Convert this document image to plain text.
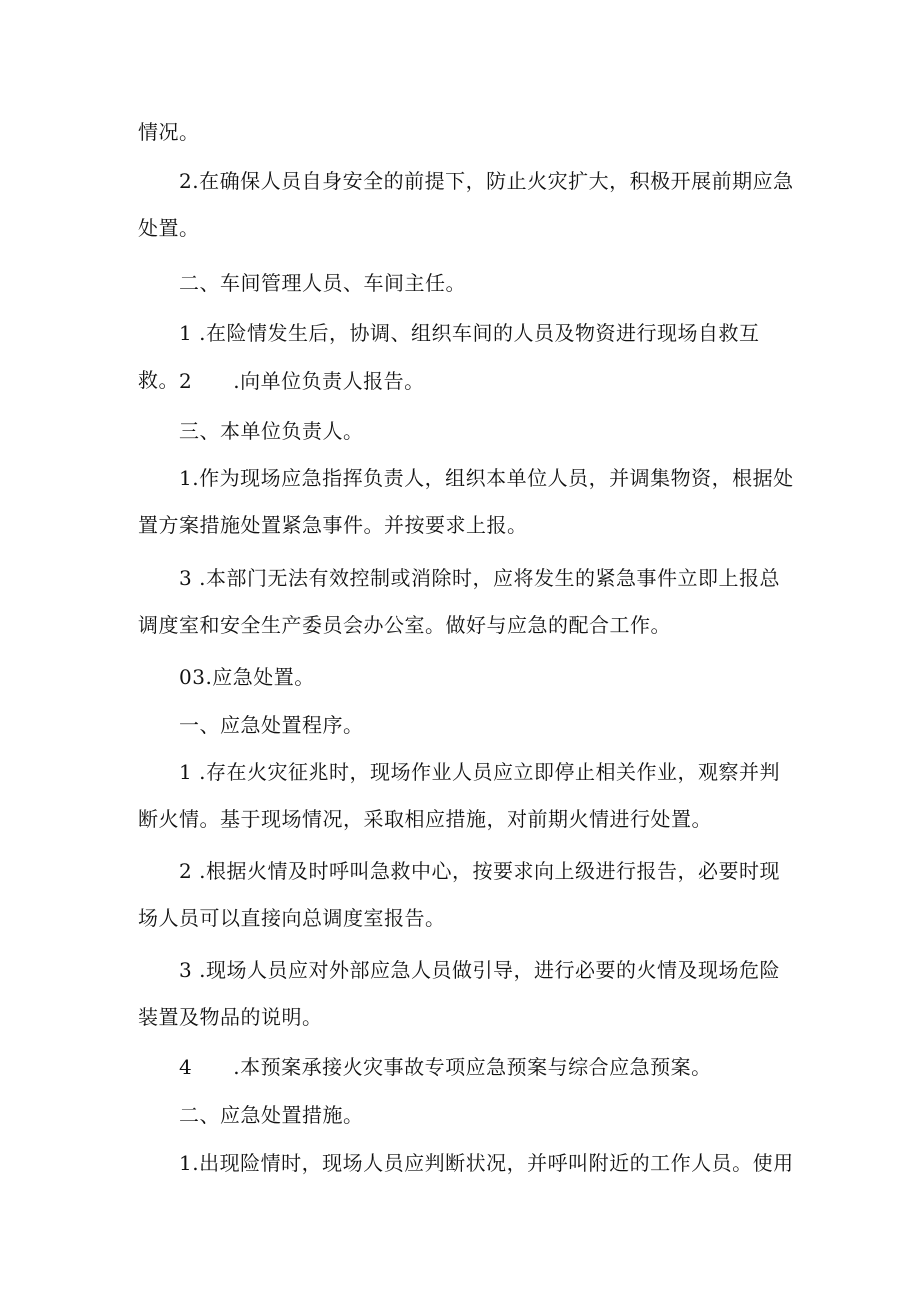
情况。

2.在确保人员自身安全的前提下，防止火灾扩大，积极开展前期应急处置。

二、车间管理人员、车间主任。

1 .在险情发生后，协调、组织车间的人员及物资进行现场自救互救。 2　　.向单位负责人报告。

三、本单位负责人。

1.作为现场应急指挥负责人，组织本单位人员，并调集物资，根据处置方案措施处置紧急事件。并按要求上报。

3 .本部门无法有效控制或消除时，应将发生的紧急事件立即上报总调度室和安全生产委员会办公室。做好与应急的配合工作。

03.应急处置。

一、应急处置程序。

1 .存在火灾征兆时，现场作业人员应立即停止相关作业，观察并判断火情。基于现场情况，采取相应措施，对前期火情进行处置。

2 .根据火情及时呼叫急救中心，按要求向上级进行报告，必要时现场人员可以直接向总调度室报告。

3 .现场人员应对外部应急人员做引导，进行必要的火情及现场危险装置及物品的说明。

4　　.本预案承接火灾事故专项应急预案与综合应急预案。

二、应急处置措施。

1.出现险情时，现场人员应判断状况，并呼叫附近的工作人员。使用
